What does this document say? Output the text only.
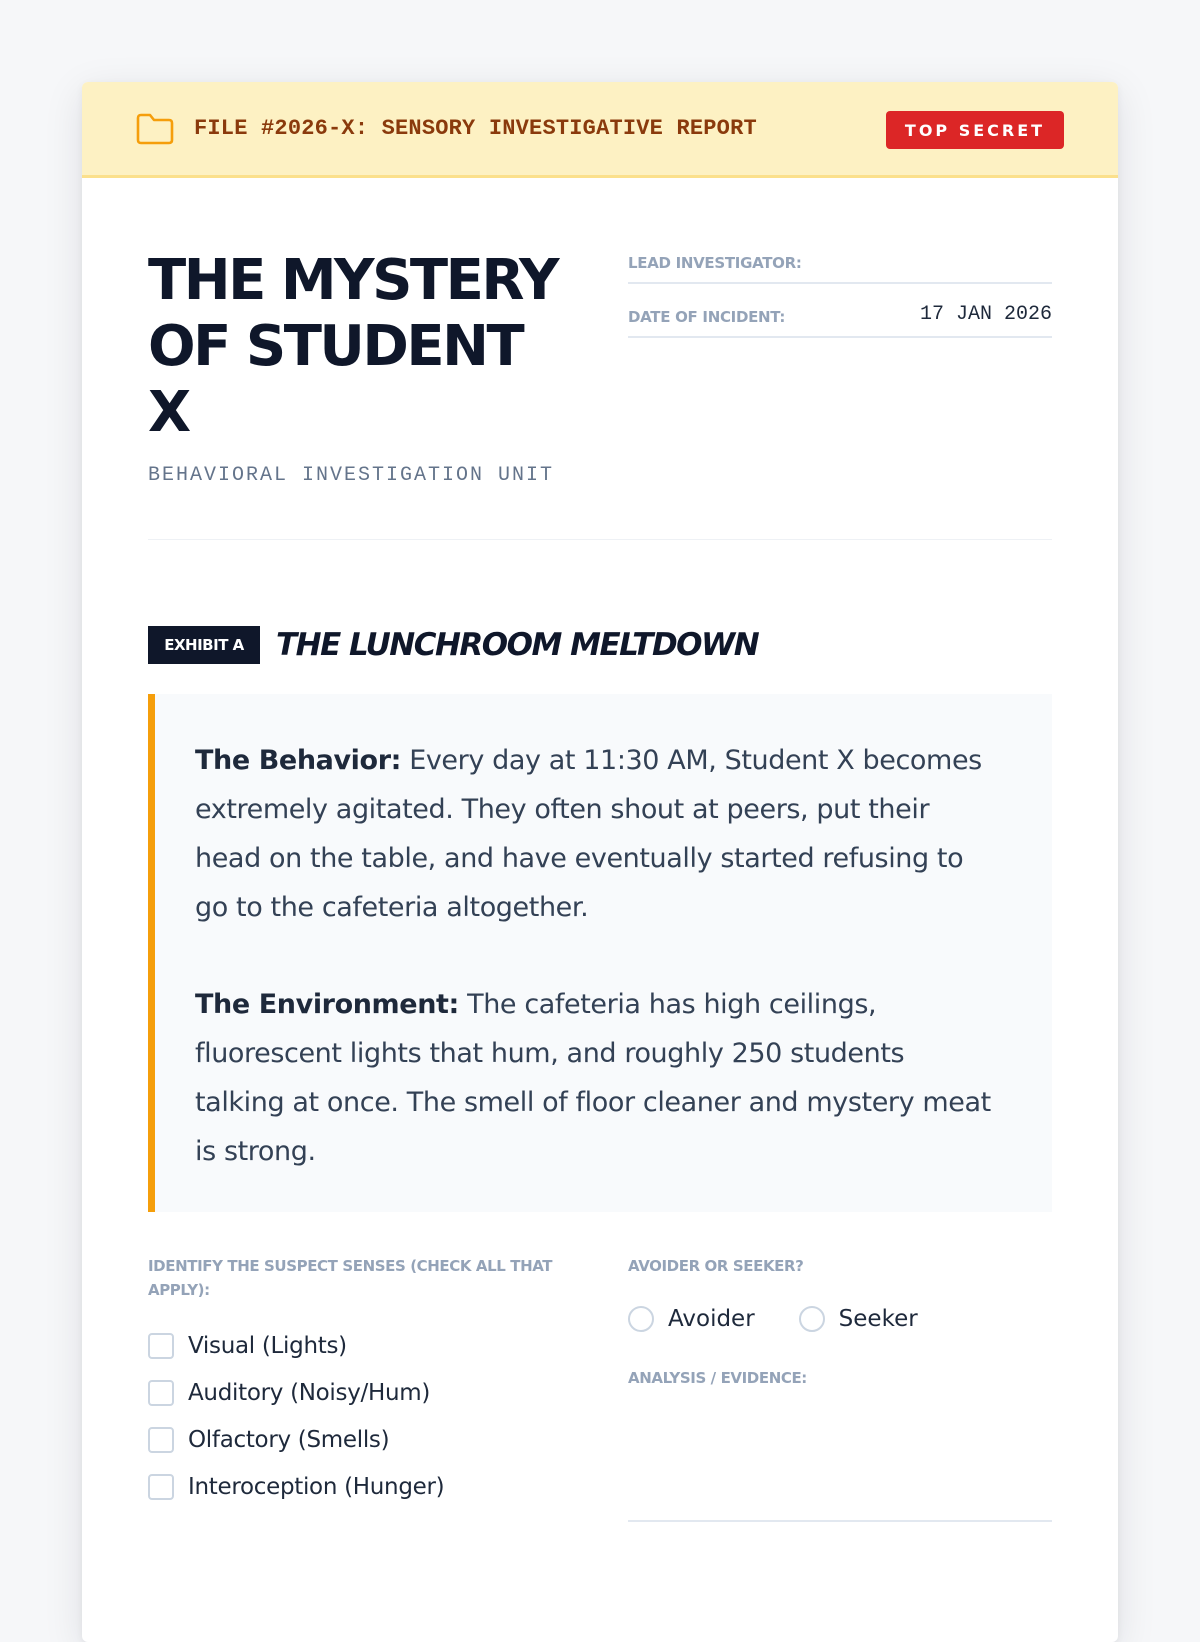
FILE #2026-X: SENSORY INVESTIGATIVE REPORT	TOP SECRET
THE MYSTERY
OF STUDENT
X
BEHAVIORAL INVESTIGATION UNIT
LEAD INVESTIGATOR:
DATE OF INCIDENT:	17 JAN 2026
EXHIBIT A	THE LUNCHROOM MELTDOWN

The Behavior: Every day at 11:30 AM, Student X becomes extremely agitated. They often shout at peers, put their head on the table, and have eventually started refusing to go to the cafeteria altogether.

The Environment: The cafeteria has high ceilings, fluorescent lights that hum, and roughly 250 students talking at once. The smell of floor cleaner and mystery meat is strong.

IDENTIFY THE SUSPECT SENSES (CHECK ALL THAT APPLY):
Visual (Lights)
Auditory (Noisy/Hum)
Olfactory (Smells)
Interoception (Hunger)
AVOIDER OR SEEKER?
Avoider	Seeker
ANALYSIS / EVIDENCE:
